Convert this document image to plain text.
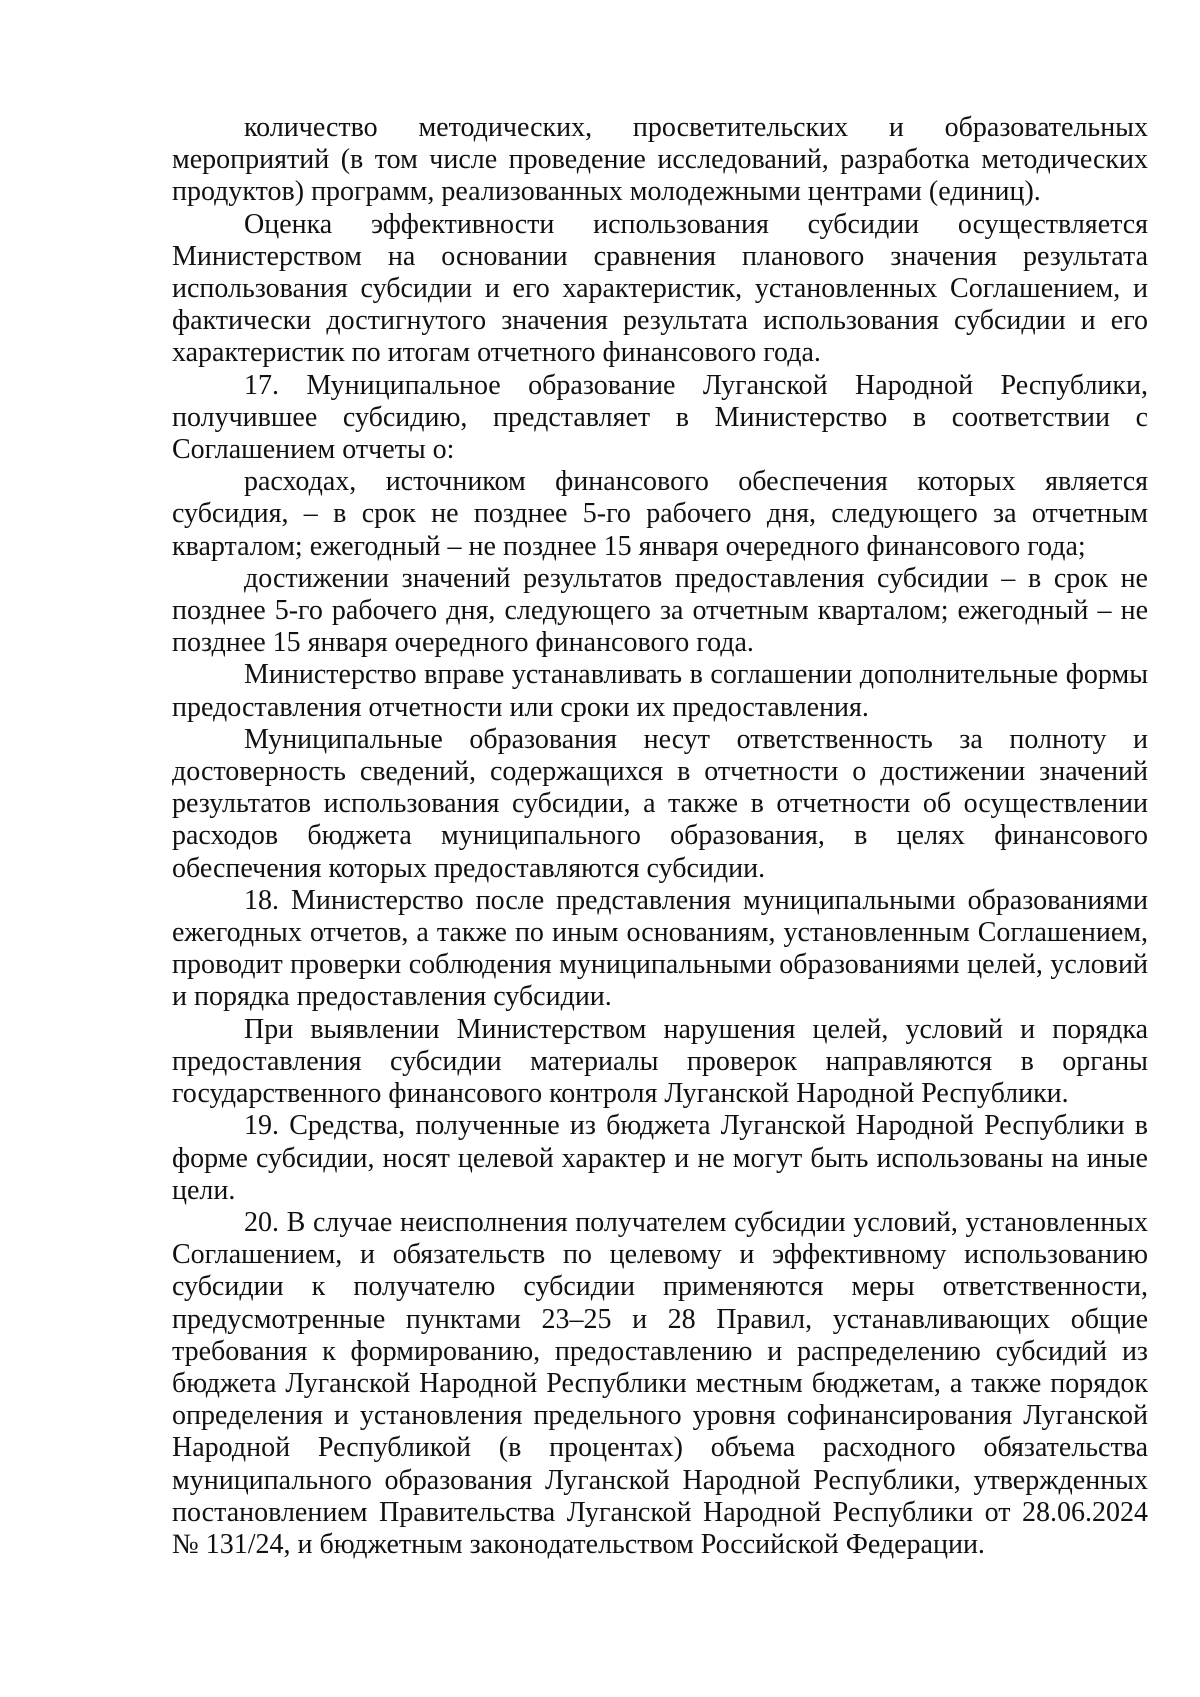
количество методических, просветительских и образовательных мероприятий (в том числе проведение исследований, разработка методических продуктов) программ, реализованных молодежными центрами (единиц).

Оценка эффективности использования субсидии осуществляется Министерством на основании сравнения планового значения результата использования субсидии и его характеристик, установленных Соглашением, и фактически достигнутого значения результата использования субсидии и его характеристик по итогам отчетного финансового года.

17. Муниципальное образование Луганской Народной Республики, получившее субсидию, представляет в Министерство в соответствии с Соглашением отчеты о:

расходах, источником финансового обеспечения которых является субсидия, – в срок не позднее 5-го рабочего дня, следующего за отчетным кварталом; ежегодный – не позднее 15 января очередного финансового года;

достижении значений результатов предоставления субсидии – в срок не позднее 5-го рабочего дня, следующего за отчетным кварталом; ежегодный – не позднее 15 января очередного финансового года.

Министерство вправе устанавливать в соглашении дополнительные формы предоставления отчетности или сроки их предоставления.

Муниципальные образования несут ответственность за полноту и достоверность сведений, содержащихся в отчетности о достижении значений результатов использования субсидии, а также в отчетности об осуществлении расходов бюджета муниципального образования, в целях финансового обеспечения которых предоставляются субсидии.

18. Министерство после представления муниципальными образованиями ежегодных отчетов, а также по иным основаниям, установленным Соглашением, проводит проверки соблюдения муниципальными образованиями целей, условий и порядка предоставления субсидии.

При выявлении Министерством нарушения целей, условий и порядка предоставления субсидии материалы проверок направляются в органы государственного финансового контроля Луганской Народной Республики.

19. Средства, полученные из бюджета Луганской Народной Республики в форме субсидии, носят целевой характер и не могут быть использованы на иные цели.

20. В случае неисполнения получателем субсидии условий, установленных Соглашением, и обязательств по целевому и эффективному использованию субсидии к получателю субсидии применяются меры ответственности, предусмотренные пунктами 23–25 и 28 Правил, устанавливающих общие требования к формированию, предоставлению и распределению субсидий из бюджета Луганской Народной Республики местным бюджетам, а также порядок определения и установления предельного уровня софинансирования Луганской Народной Республикой (в процентах) объема расходного обязательства муниципального образования Луганской Народной Республики, утвержденных постановлением Правительства Луганской Народной Республики от 28.06.2024 № 131/24, и бюджетным законодательством Российской Федерации.
